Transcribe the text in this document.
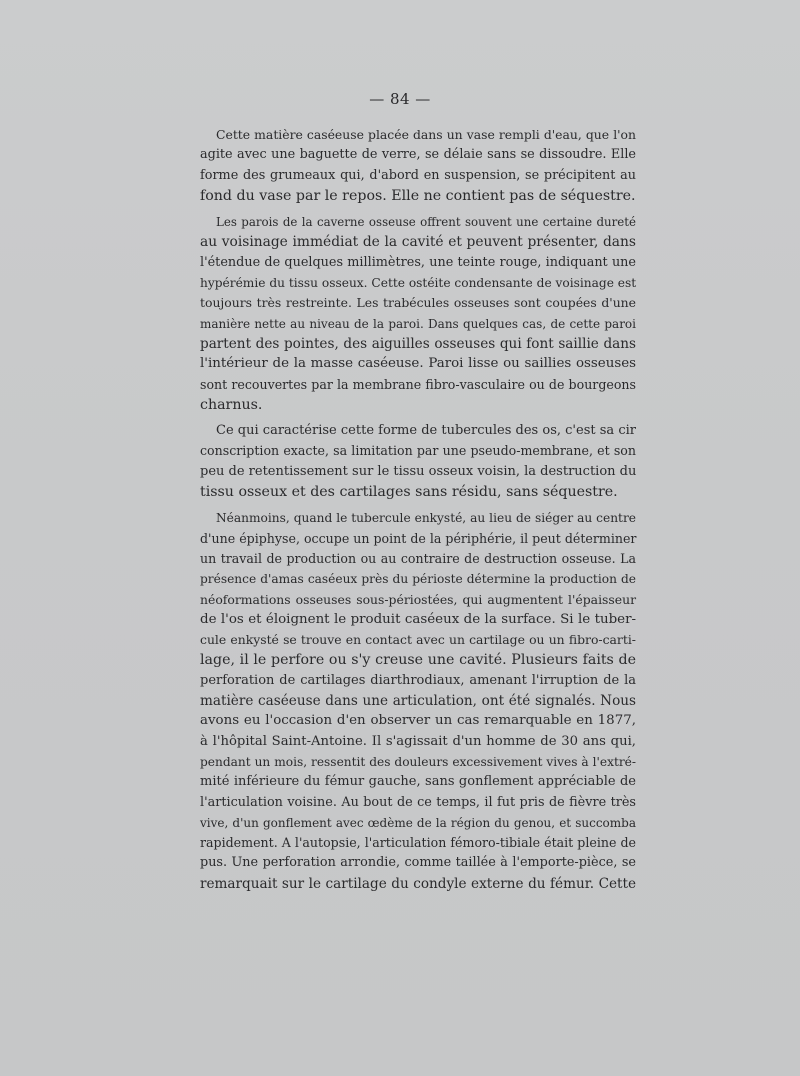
— 84 —

Cette matière caséeuse placée dans un vase rempli d'eau, que l'on
agite avec une baguette de verre, se délaie sans se dissoudre. Elle
forme des grumeaux qui, d'abord en suspension, se précipitent au
fond du vase par le repos. Elle ne contient pas de séquestre.

Les parois de la caverne osseuse offrent souvent une certaine dureté
au voisinage immédiat de la cavité et peuvent présenter, dans
l'étendue de quelques millimètres, une teinte rouge, indiquant une
hypérémie du tissu osseux. Cette ostéite condensante de voisinage est
toujours très restreinte. Les trabécules osseuses sont coupées d'une
manière nette au niveau de la paroi. Dans quelques cas, de cette paroi
partent des pointes, des aiguilles osseuses qui font saillie dans
l'intérieur de la masse caséeuse. Paroi lisse ou saillies osseuses
sont recouvertes par la membrane fibro-vasculaire ou de bourgeons
charnus.

Ce qui caractérise cette forme de tubercules des os, c'est sa cir
conscription exacte, sa limitation par une pseudo-membrane, et son
peu de retentissement sur le tissu osseux voisin, la destruction du
tissu osseux et des cartilages sans résidu, sans séquestre.

Néanmoins, quand le tubercule enkysté, au lieu de siéger au centre
d'une épiphyse, occupe un point de la périphérie, il peut déterminer
un travail de production ou au contraire de destruction osseuse. La
présence d'amas caséeux près du périoste détermine la production de
néoformations osseuses sous-périostées, qui augmentent l'épaisseur
de l'os et éloignent le produit caséeux de la surface. Si le tuber-
cule enkysté se trouve en contact avec un cartilage ou un fibro-carti-
lage, il le perfore ou s'y creuse une cavité. Plusieurs faits de
perforation de cartilages diarthrodiaux, amenant l'irruption de la
matière caséeuse dans une articulation, ont été signalés. Nous
avons eu l'occasion d'en observer un cas remarquable en 1877,
à l'hôpital Saint-Antoine. Il s'agissait d'un homme de 30 ans qui,
pendant un mois, ressentit des douleurs excessivement vives à l'extré-
mité inférieure du fémur gauche, sans gonflement appréciable de
l'articulation voisine. Au bout de ce temps, il fut pris de fièvre très
vive, d'un gonflement avec œdème de la région du genou, et succomba
rapidement. A l'autopsie, l'articulation fémoro-tibiale était pleine de
pus. Une perforation arrondie, comme taillée à l'emporte-pièce, se
remarquait sur le cartilage du condyle externe du fémur. Cette
